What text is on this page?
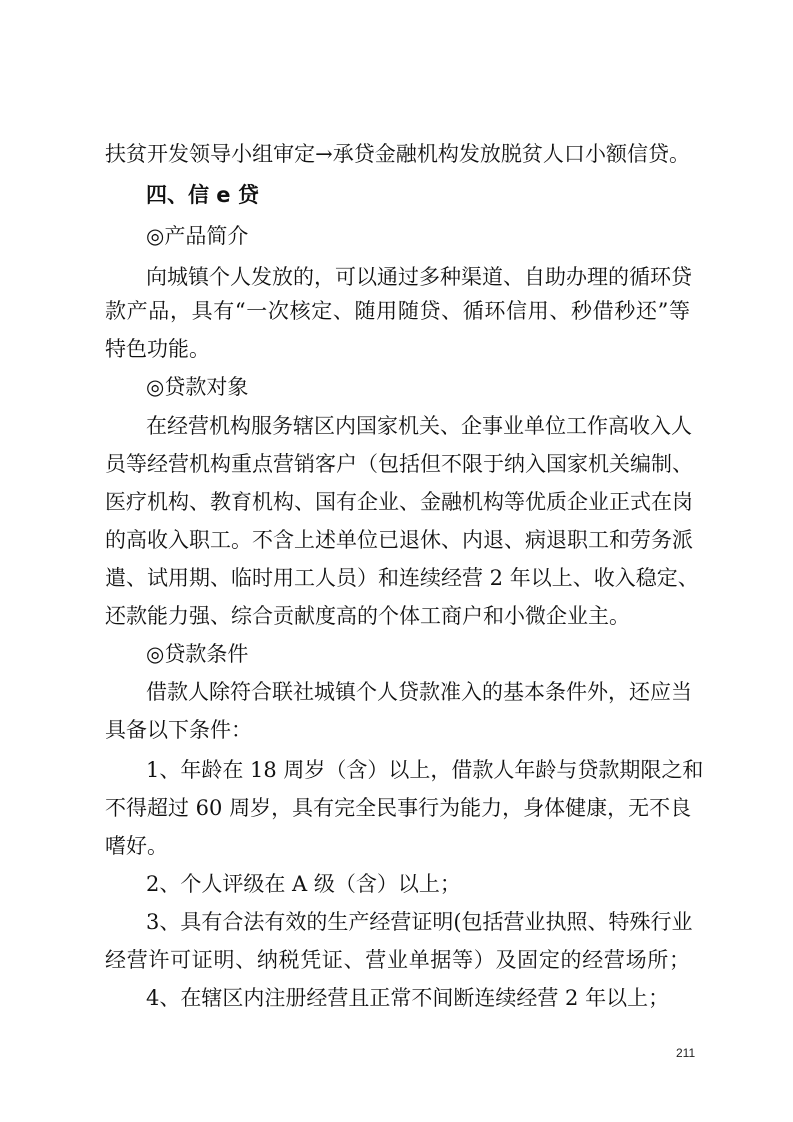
扶贫开发领导小组审定→承贷金融机构发放脱贫人口小额信贷。
四、信 e 贷
◎产品简介
向城镇个人发放的，可以通过多种渠道、自助办理的循环贷
款产品，具有“一次核定、随用随贷、循环信用、秒借秒还”等
特色功能。
◎贷款对象
在经营机构服务辖区内国家机关、企事业单位工作高收入人
员等经营机构重点营销客户（包括但不限于纳入国家机关编制、
医疗机构、教育机构、国有企业、金融机构等优质企业正式在岗
的高收入职工。不含上述单位已退休、内退、病退职工和劳务派
遣、试用期、临时用工人员）和连续经营 2 年以上、收入稳定、
还款能力强、综合贡献度高的个体工商户和小微企业主。
◎贷款条件
借款人除符合联社城镇个人贷款准入的基本条件外，还应当
具备以下条件：
1、年龄在 18 周岁（含）以上，借款人年龄与贷款期限之和
不得超过 60 周岁，具有完全民事行为能力，身体健康，无不良
嗜好。
2、个人评级在 A 级（含）以上；
3、具有合法有效的生产经营证明(包括营业执照、特殊行业
经营许可证明、纳税凭证、营业单据等）及固定的经营场所；
4、在辖区内注册经营且正常不间断连续经营 2 年以上；
211
